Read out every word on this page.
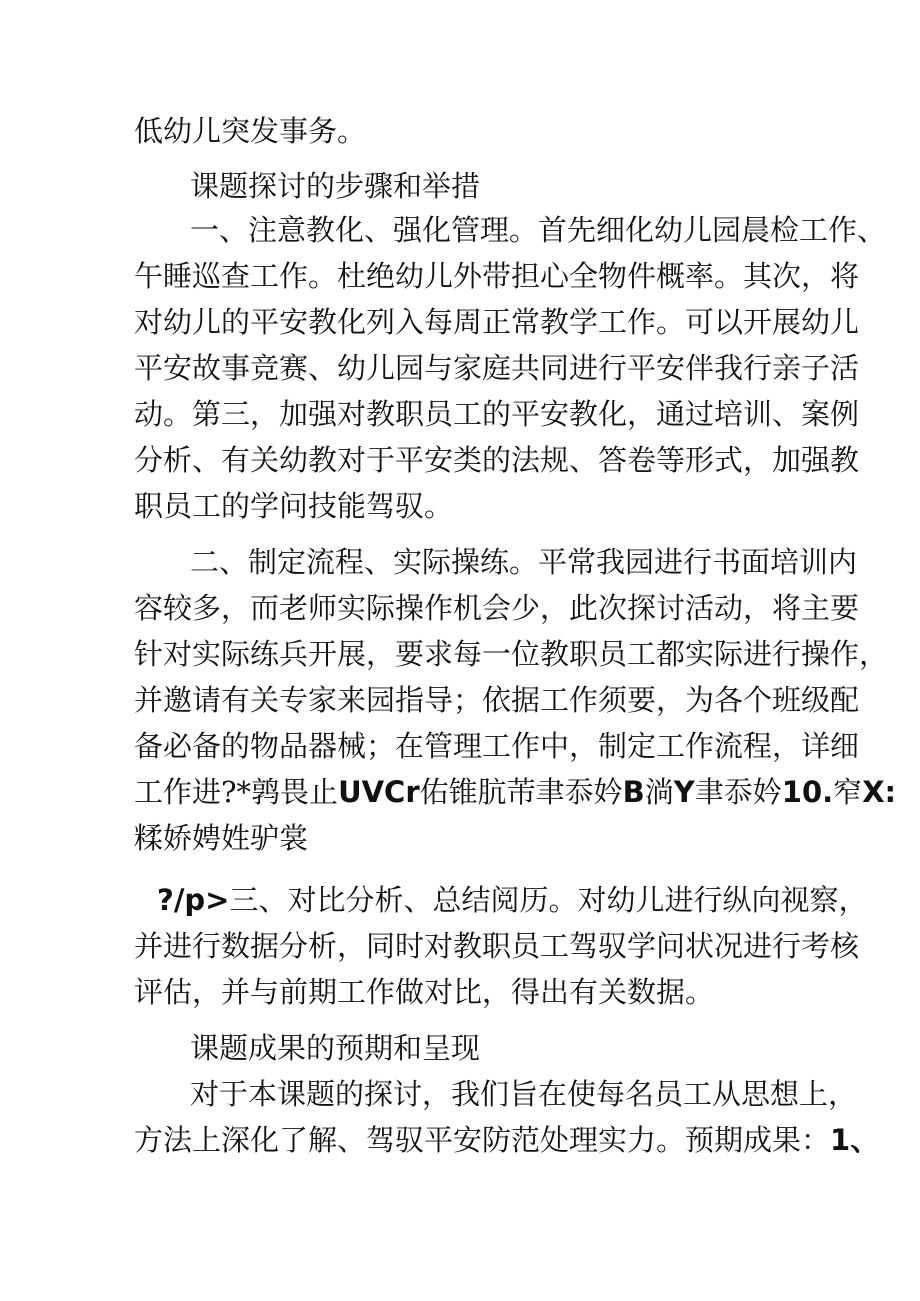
低幼儿突发事务。
课题探讨的步骤和举措
一、注意教化、强化管理。首先细化幼儿园晨检工作、
午睡巡查工作。杜绝幼儿外带担心全物件概率。其次，将
对幼儿的平安教化列入每周正常教学工作。可以开展幼儿
平安故事竞赛、幼儿园与家庭共同进行平安伴我行亲子活
动。第三，加强对教职员工的平安教化，通过培训、案例
分析、有关幼教对于平安类的法规、答卷等形式，加强教
职员工的学问技能驾驭。
二、制定流程、实际操练。平常我园进行书面培训内
容较多，而老师实际操作机会少，此次探讨活动，将主要
针对实际练兵开展，要求每一位教职员工都实际进行操作，
并邀请有关专家来园指导；依据工作须要，为各个班级配
备必备的物品器械；在管理工作中，制定工作流程，详细
工作进?*鹑畏止UVCr佑锥肮芾聿忝妗B淌Y聿忝妗10.窄X:
糅娇娉姓驴裳
?/p>三、对比分析、总结阅历。对幼儿进行纵向视察，
并进行数据分析，同时对教职员工驾驭学问状况进行考核
评估，并与前期工作做对比，得出有关数据。
课题成果的预期和呈现
对于本课题的探讨，我们旨在使每名员工从思想上，
方法上深化了解、驾驭平安防范处理实力。预期成果：1、
